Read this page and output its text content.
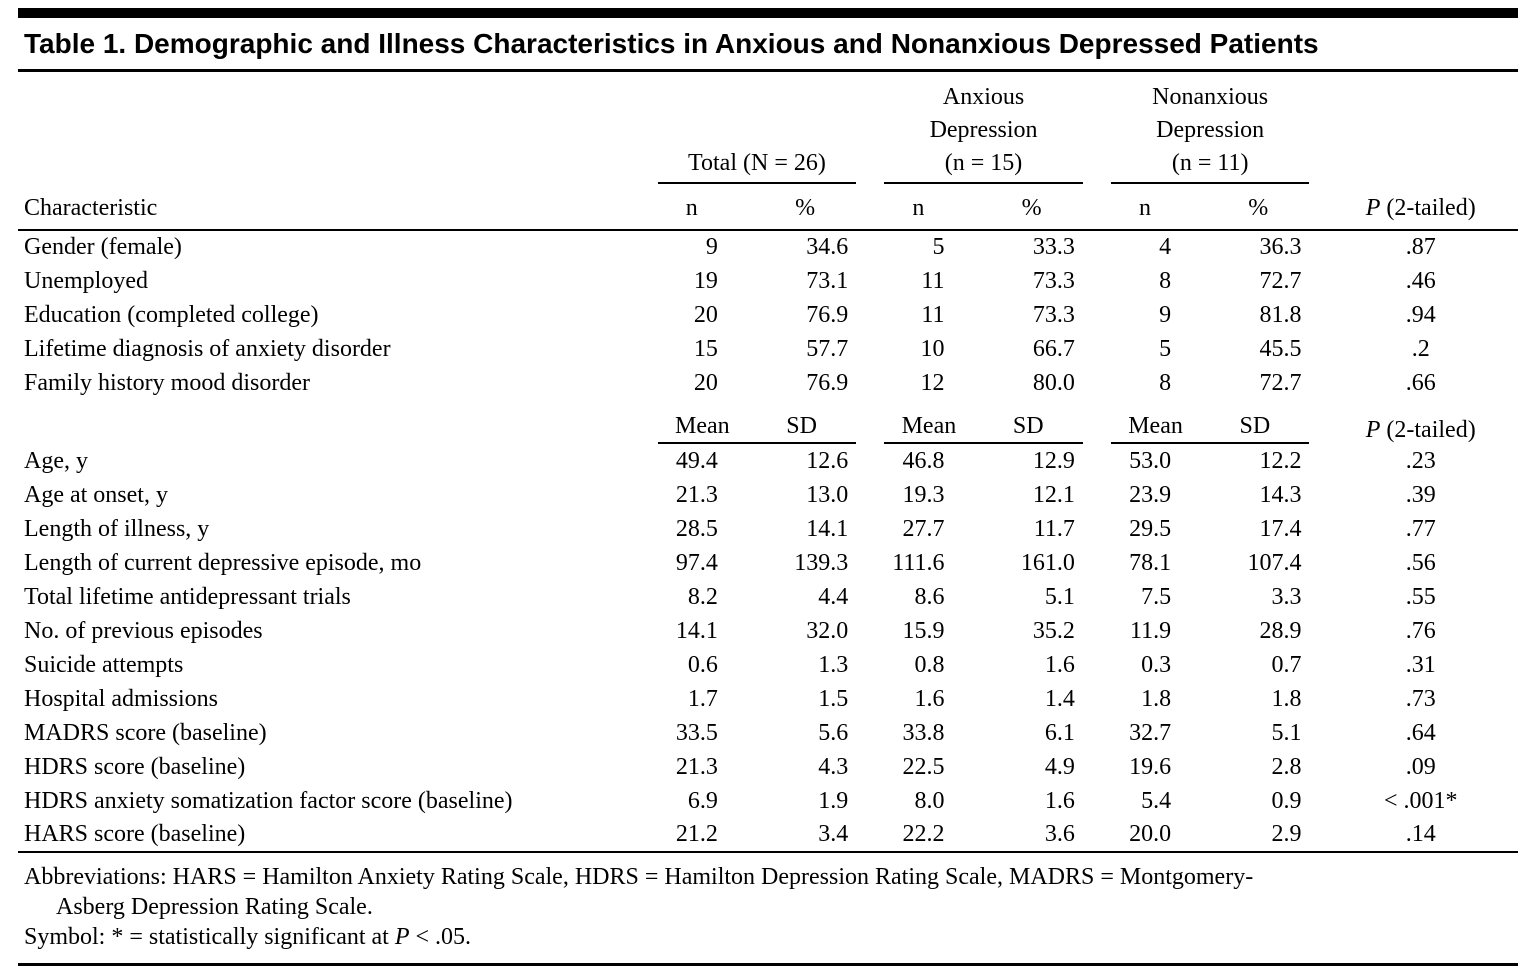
Table 1. Demographic and Illness Characteristics in Anxious and Nonanxious Depressed Patients

Total (N = 26)

Anxious
Depression
(n = 15)

Nonanxious
Depression
(n = 11)

Characteristic	n	%	n	%	n	%	P (2-tailed)
Gender (female)	9	34.6	5	33.3	4	36.3	.87
Unemployed	19	73.1	11	73.3	8	72.7	.46
Education (completed college)	20	76.9	11	73.3	9	81.8	.94
Lifetime diagnosis of anxiety disorder	15	57.7	10	66.7	5	45.5	.2
Family history mood disorder	20	76.9	12	80.0	8	72.7	.66

	Mean SD		Mean SD		Mean SD		P (2-tailed)
Age, y	49.4	12.6	46.8	12.9	53.0	12.2	.23
Age at onset, y	21.3	13.0	19.3	12.1	23.9	14.3	.39
Length of illness, y	28.5	14.1	27.7	11.7	29.5	17.4	.77
Length of current depressive episode, mo	97.4	139.3	111.6	161.0	78.1	107.4	.56
Total lifetime antidepressant trials	8.2	4.4	8.6	5.1	7.5	3.3	.55
No. of previous episodes	14.1	32.0	15.9	35.2	11.9	28.9	.76
Suicide attempts	0.6	1.3	0.8	1.6	0.3	0.7	.31
Hospital admissions	1.7	1.5	1.6	1.4	1.8	1.8	.73
MADRS score (baseline)	33.5	5.6	33.8	6.1	32.7	5.1	.64
HDRS score (baseline)	21.3	4.3	22.5	4.9	19.6	2.8	.09
HDRS anxiety somatization factor score (baseline)	6.9	1.9	8.0	1.6	5.4	0.9	< .001*
HARS score (baseline)	21.2	3.4	22.2	3.6	20.0	2.9	.14
Abbreviations: HARS = Hamilton Anxiety Rating Scale, HDRS = Hamilton Depression Rating Scale, MADRS = Montgomery-
Asberg Depression Rating Scale.
Symbol: * = statistically significant at P < .05.
